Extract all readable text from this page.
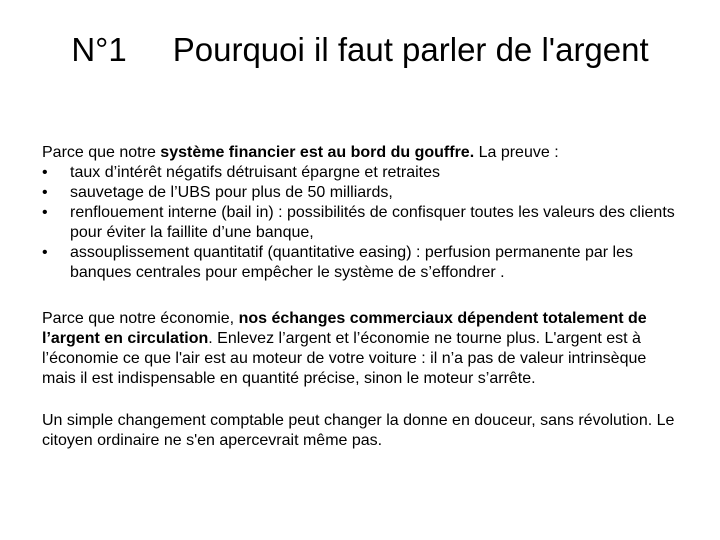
N°1 Pourquoi il faut parler de l'argent

Parce que notre système financier est au bord du gouffre. La preuve :

• taux d’intérêt négatifs détruisant épargne et retraites
• sauvetage de l’UBS pour plus de 50 milliards,
• renflouement interne (bail in) : possibilités de confisquer toutes les valeurs des clients pour éviter la faillite d’une banque,
• assouplissement quantitatif (quantitative easing) : perfusion permanente par les banques centrales pour empêcher le système de s’effondrer .

Parce que notre économie, nos échanges commerciaux dépendent totalement de l’argent en circulation. Enlevez l’argent et l’économie ne tourne plus. L'argent est à l’économie ce que l'air est au moteur de votre voiture : il n’a pas de valeur intrinsèque mais il est indispensable en quantité précise, sinon le moteur s’arrête.

Un simple changement comptable peut changer la donne en douceur, sans révolution. Le citoyen ordinaire ne s'en apercevrait même pas.
